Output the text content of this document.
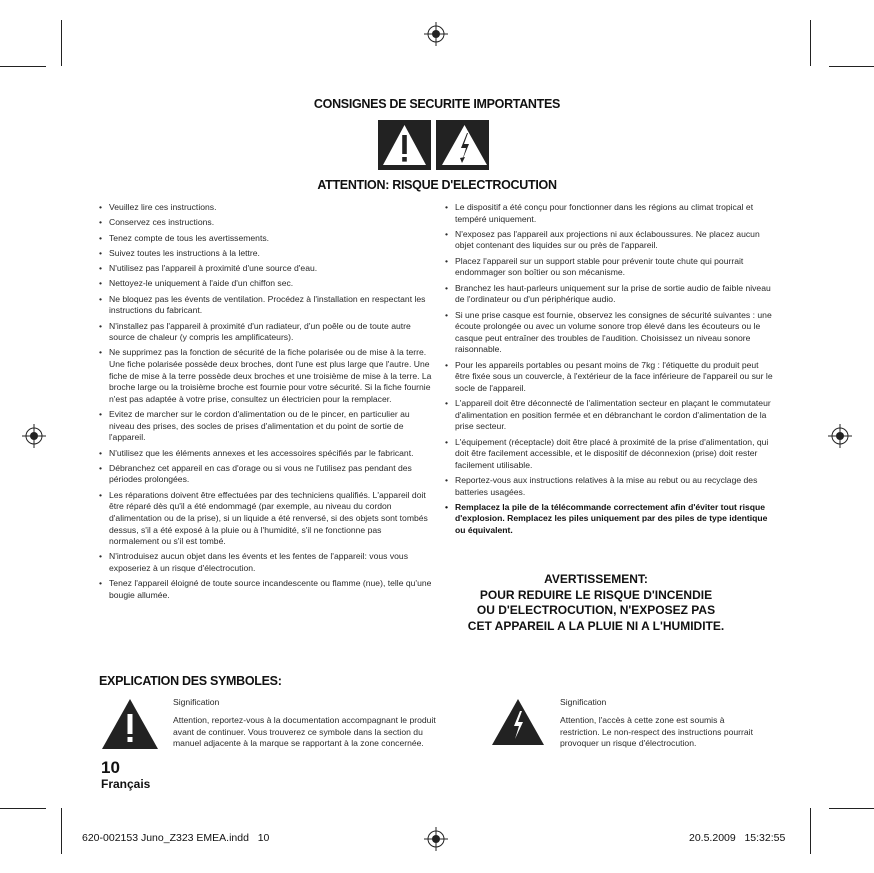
CONSIGNES DE SECURITE IMPORTANTES
ATTENTION: RISQUE D'ELECTROCUTION
• Veuillez lire ces instructions.
• Conservez ces instructions.
• Tenez compte de tous les avertissements.
• Suivez toutes les instructions à la lettre.
• N'utilisez pas l'appareil à proximité d'une source d'eau.
• Nettoyez-le uniquement à l'aide d'un chiffon sec.
• Ne bloquez pas les évents de ventilation. Procédez à l'installation en respectant les instructions du fabricant.
• N'installez pas l'appareil à proximité d'un radiateur, d'un poêle ou de toute autre source de chaleur (y compris les amplificateurs).
• Ne supprimez pas la fonction de sécurité de la fiche polarisée ou de mise à la terre. Une fiche polarisée possède deux broches, dont l'une est plus large que l'autre. Une fiche de mise à la terre possède deux broches et une troisième de mise à la terre. La broche large ou la troisième broche est fournie pour votre sécurité. Si la fiche fournie n'est pas adaptée à votre prise, consultez un électricien pour la remplacer.
• Evitez de marcher sur le cordon d'alimentation ou de le pincer, en particulier au niveau des prises, des socles de prises d'alimentation et du point de sortie de l'appareil.
• N'utilisez que les éléments annexes et les accessoires spécifiés par le fabricant.
• Débranchez cet appareil en cas d'orage ou si vous ne l'utilisez pas pendant des périodes prolongées.
• Les réparations doivent être effectuées par des techniciens qualifiés. L'appareil doit être réparé dès qu'il a été endommagé (par exemple, au niveau du cordon d'alimentation ou de la prise), si un liquide a été renversé, si des objets sont tombés dessus, s'il a été exposé à la pluie ou à l'humidité, s'il ne fonctionne pas normalement ou s'il est tombé.
• N'introduisez aucun objet dans les évents et les fentes de l'appareil: vous vous exposeriez à un risque d'électrocution.
• Tenez l'appareil éloigné de toute source incandescente ou flamme (nue), telle qu'une bougie allumée.
• Le dispositif a été conçu pour fonctionner dans les régions au climat tropical et tempéré uniquement.
• N'exposez pas l'appareil aux projections ni aux éclaboussures. Ne placez aucun objet contenant des liquides sur ou près de l'appareil.
• Placez l'appareil sur un support stable pour prévenir toute chute qui pourrait endommager son boîtier ou son mécanisme.
• Branchez les haut-parleurs uniquement sur la prise de sortie audio de faible niveau de l'ordinateur ou d'un périphérique audio.
• Si une prise casque est fournie, observez les consignes de sécurité suivantes : une écoute prolongée ou avec un volume sonore trop élevé dans les écouteurs ou le casque peut entraîner des troubles de l'audition. Choisissez un niveau sonore raisonnable.
• Pour les appareils portables ou pesant moins de 7kg : l'étiquette du produit peut être fixée sous un couvercle, à l'extérieur de la face inférieure de l'appareil ou sur le socle de l'appareil.
• L'appareil doit être déconnecté de l'alimentation secteur en plaçant le commutateur d'alimentation en position fermée et en débranchant le cordon d'alimentation de la prise secteur.
• L'équipement (réceptacle) doit être placé à proximité de la prise d'alimentation, qui doit être facilement accessible, et le dispositif de déconnexion (prise) doit rester facilement utilisable.
• Reportez-vous aux instructions relatives à la mise au rebut ou au recyclage des batteries usagées.
• Remplacez la pile de la télécommande correctement afin d'éviter tout risque d'explosion. Remplacez les piles uniquement par des piles de type identique ou équivalent.
AVERTISSEMENT:
POUR REDUIRE LE RISQUE D'INCENDIE
OU D'ELECTROCUTION, N'EXPOSEZ PAS
CET APPAREIL A LA PLUIE NI A L'HUMIDITE.
EXPLICATION DES SYMBOLES:
Signification
Attention, reportez-vous à la documentation accompagnant le produit avant de continuer. Vous trouverez ce symbole dans la section du manuel adjacente à la marque se rapportant à la zone concernée.
Signification
Attention, l'accès à cette zone est soumis à restriction. Le non-respect des instructions pourrait provoquer un risque d'électrocution.
10
Français
620-002153 Juno_Z323 EMEA.indd   10	20.5.2009   15:32:55
